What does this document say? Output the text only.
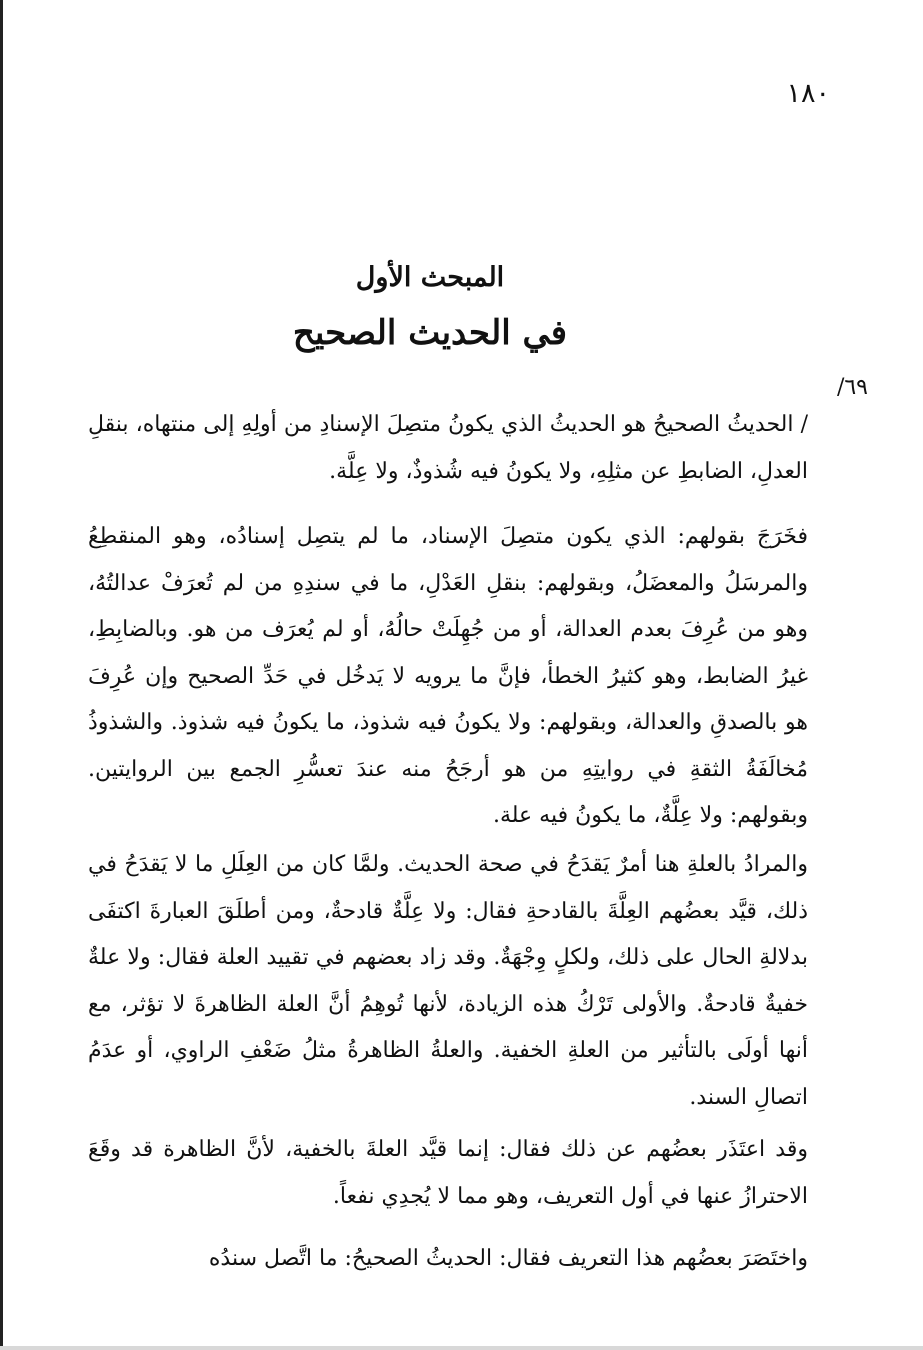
١٨٠
المبحث الأول
في الحديث الصحيح
٦٩/

/ الحديثُ الصحيحُ هو الحديثُ الذي يكونُ متصِلَ الإسنادِ من أولِهِ إلى منتهاه، بنقلِ العدلِ، الضابطِ عن مثلِهِ، ولا يكونُ فيه شُذوذٌ، ولا عِلَّة.

فخَرَجَ بقولهم: الذي يكون متصِلَ الإسناد، ما لم يتصِل إسنادُه، وهو المنقطِعُ والمرسَلُ والمعضَلُ، وبقولهم: بنقلِ العَدْلِ، ما في سندِهِ من لم تُعرَفْ عدالتُهُ، وهو من عُرِفَ بعدم العدالة، أو من جُهِلَتْ حالُهُ، أو لم يُعرَف من هو. وبالضابِطِ، غيرُ الضابط، وهو كثيرُ الخطأ، فإنَّ ما يرويه لا يَدخُل في حَدِّ الصحيح وإن عُرِفَ هو بالصدقِ والعدالة، وبقولهم: ولا يكونُ فيه شذوذ، ما يكونُ فيه شذوذ. والشذوذُ مُخالَفَةُ الثقةِ في روايتِهِ من هو أرجَحُ منه عندَ تعسُّرِ الجمع بين الروايتين. وبقولهم: ولا عِلَّةٌ، ما يكونُ فيه علة.

والمرادُ بالعلةِ هنا أمرٌ يَقدَحُ في صحة الحديث. ولمَّا كان من العِلَلِ ما لا يَقدَحُ في ذلك، قيَّد بعضُهم العِلَّةَ بالقادحةِ فقال: ولا عِلَّةٌ قادحةٌ، ومن أطلَقَ العبارةَ اكتفَى بدلالةِ الحال على ذلك، ولكلٍ وِجْهَةٌ. وقد زاد بعضهم في تقييد العلة فقال: ولا علةٌ خفيةٌ قادحةٌ. والأولى تَرْكُ هذه الزيادة، لأنها تُوهِمُ أنَّ العلة الظاهرةَ لا تؤثر، مع أنها أولَى بالتأثير من العلةِ الخفية. والعلةُ الظاهرةُ مثلُ ضَعْفِ الراوي، أو عدَمُ اتصالِ السند.

وقد اعتَذَر بعضُهم عن ذلك فقال: إنما قيَّد العلةَ بالخفية، لأنَّ الظاهرة قد وقَعَ الاحترازُ عنها في أول التعريف، وهو مما لا يُجدِي نفعاً.

واختَصَرَ بعضُهم هذا التعريف فقال: الحديثُ الصحيحُ: ما اتَّصل سندُه
